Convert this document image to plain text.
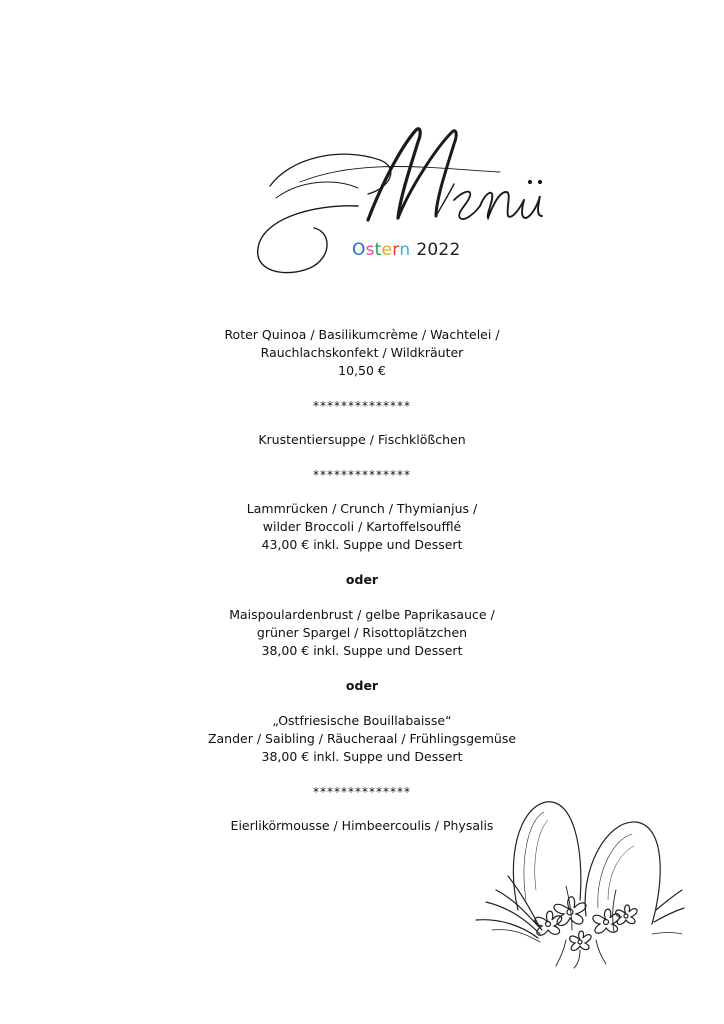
Ostern 2022
Roter Quinoa / Basilikumcrème / Wachtelei /
Rauchlachskonfekt / Wildkräuter
10,50 €
**************
Krustentiersuppe / Fischklößchen
**************
Lammrücken / Crunch / Thymianjus /
wilder Broccoli / Kartoffelsoufflé
43,00 € inkl. Suppe und Dessert
oder
Maispoulardenbrust / gelbe Paprikasauce /
grüner Spargel / Risottoplätzchen
38,00 € inkl. Suppe und Dessert
oder
„Ostfriesische Bouillabaisse“
Zander / Saibling / Räucheraal / Frühlingsgemüse
38,00 € inkl. Suppe und Dessert
**************
Eierlikörmousse / Himbeercoulis / Physalis
